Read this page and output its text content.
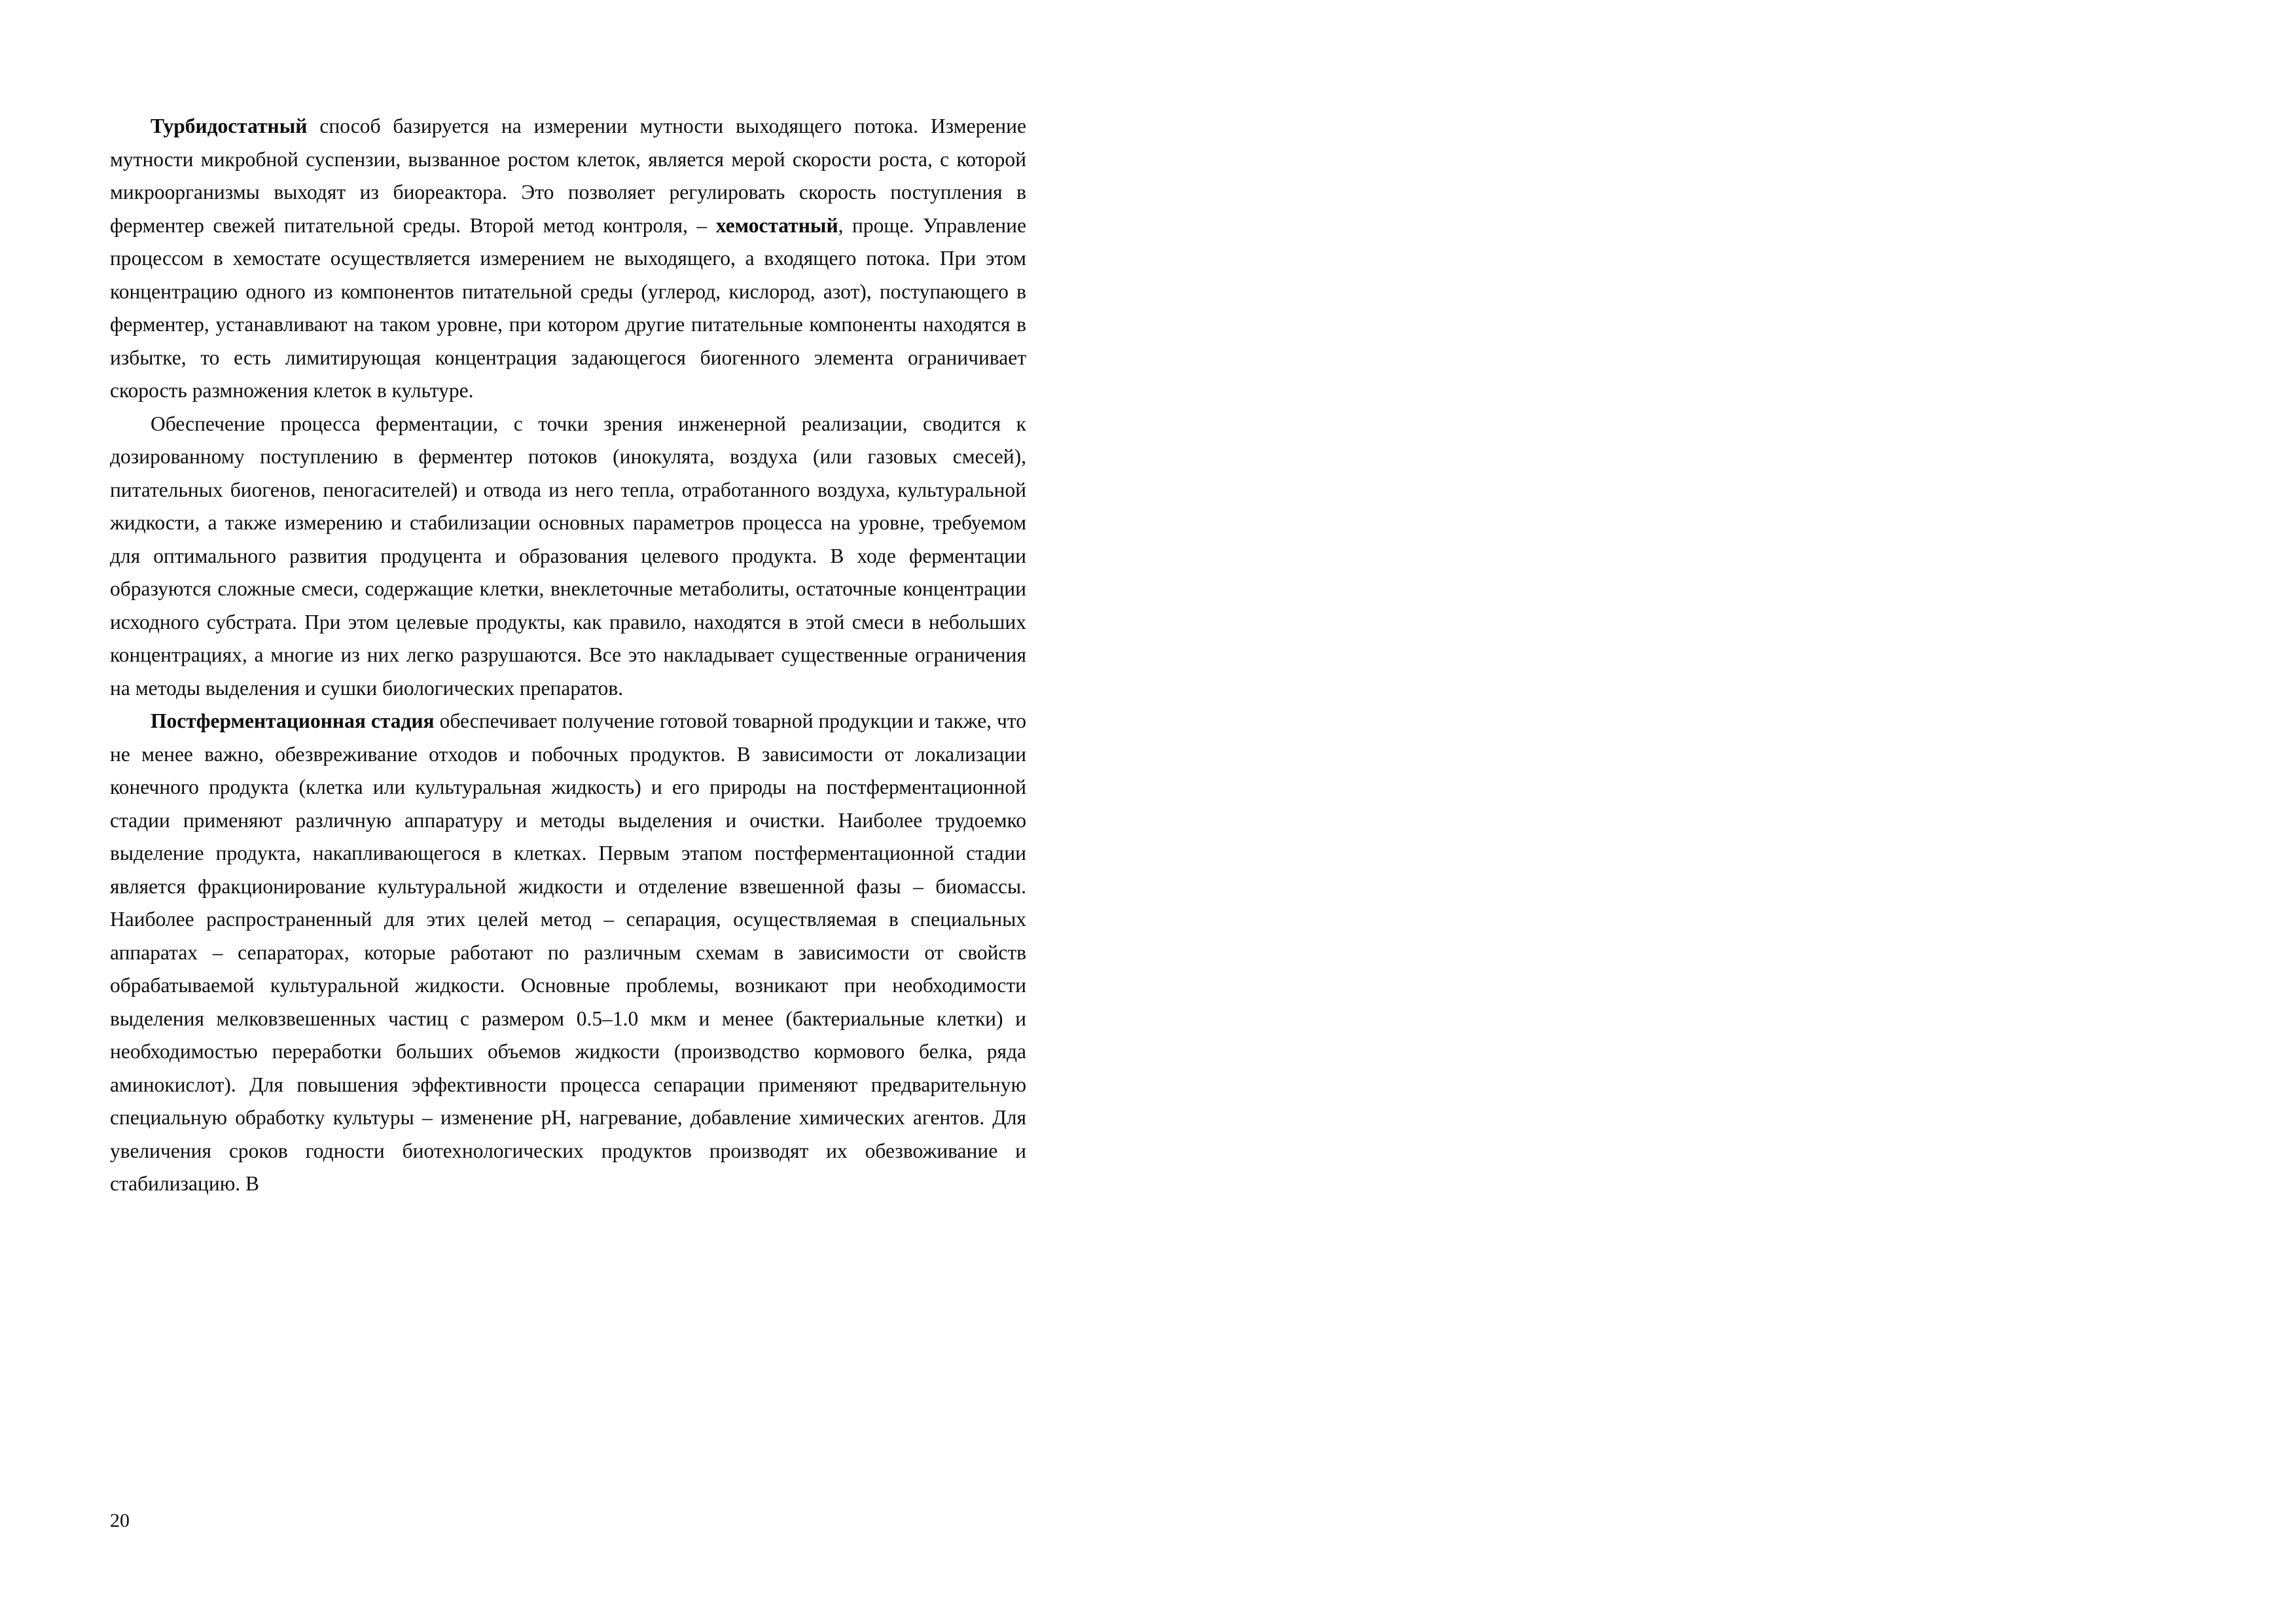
Турбидостатный способ базируется на измерении мутности выходящего потока. Измерение мутности микробной суспензии, вызванное ростом клеток, является мерой скорости роста, с которой микроорганизмы выходят из биореактора. Это позволяет регулировать скорость поступления в ферментер свежей питательной среды. Второй метод контроля, – хемостатный, проще. Управление процессом в хемостате осуществляется измерением не выходящего, а входящего потока. При этом концентрацию одного из компонентов питательной среды (углерод, кислород, азот), поступающего в ферментер, устанавливают на таком уровне, при котором другие питательные компоненты находятся в избытке, то есть лимитирующая концентрация задающегося биогенного элемента ограничивает скорость размножения клеток в культуре.

Обеспечение процесса ферментации, с точки зрения инженерной реализации, сводится к дозированному поступлению в ферментер потоков (инокулята, воздуха (или газовых смесей), питательных биогенов, пеногасителей) и отвода из него тепла, отработанного воздуха, культуральной жидкости, а также измерению и стабилизации основных параметров процесса на уровне, требуемом для оптимального развития продуцента и образования целевого продукта. В ходе ферментации образуются сложные смеси, содержащие клетки, внеклеточные метаболиты, остаточные концентрации исходного субстрата. При этом целевые продукты, как правило, находятся в этой смеси в небольших концентрациях, а многие из них легко разрушаются. Все это накладывает существенные ограничения на методы выделения и сушки биологических препаратов.

Постферментационная стадия обеспечивает получение готовой товарной продукции и также, что не менее важно, обезвреживание отходов и побочных продуктов. В зависимости от локализации конечного продукта (клетка или культуральная жидкость) и его природы на постферментационной стадии применяют различную аппаратуру и методы выделения и очистки. Наиболее трудоемко выделение продукта, накапливающегося в клетках. Первым этапом постферментационной стадии является фракционирование культуральной жидкости и отделение взвешенной фазы – биомассы. Наиболее распространенный для этих целей метод – сепарация, осуществляемая в специальных аппаратах – сепараторах, которые работают по различным схемам в зависимости от свойств обрабатываемой культуральной жидкости. Основные проблемы, возникают при необходимости выделения мелковзвешенных частиц с размером 0.5–1.0 мкм и менее (бактериальные клетки) и необходимостью переработки больших объемов жидкости (производство кормового белка, ряда аминокислот). Для повышения эффективности процесса сепарации применяют предварительную специальную обработку культуры – изменение pH, нагревание, добавление химических агентов. Для увеличения сроков годности биотехнологических продуктов производят их обезвоживание и стабилизацию. В

20
